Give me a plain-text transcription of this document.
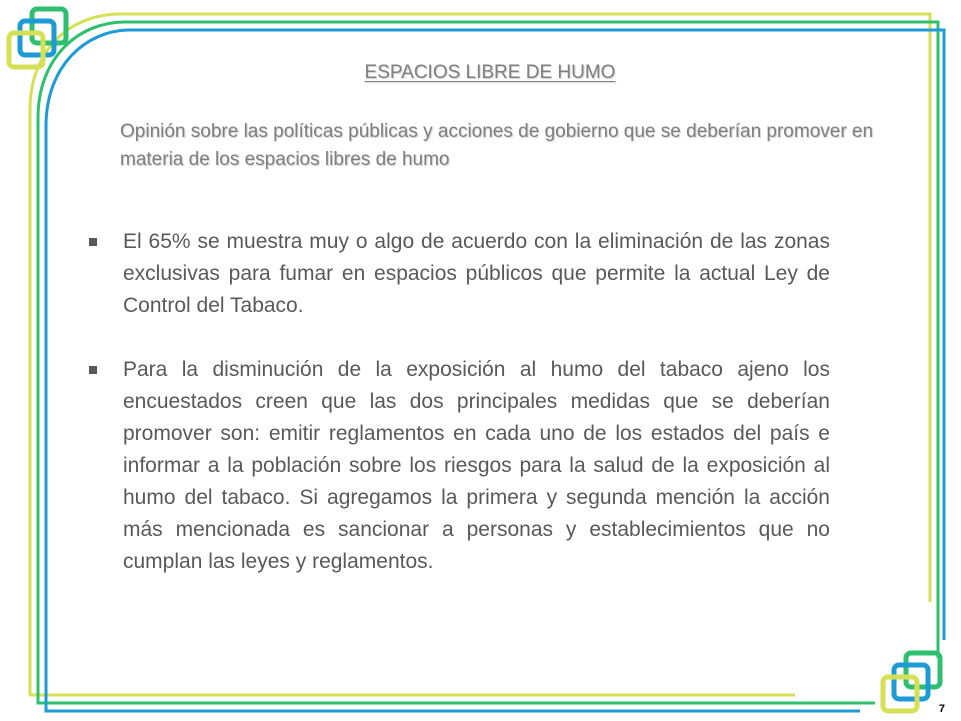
ESPACIOS LIBRE DE HUMO
Opinión sobre las políticas públicas y acciones de gobierno que se deberían promover en materia de los espacios libres de humo
El 65% se muestra muy o algo de acuerdo con la eliminación de las zonas exclusivas para fumar en espacios públicos que permite la actual Ley de Control del Tabaco.
Para la disminución de la exposición al humo del tabaco ajeno los encuestados creen que las dos principales medidas que se deberían promover son: emitir reglamentos en cada uno de los estados del país e informar a la población sobre los riesgos para la salud de la exposición al humo del tabaco. Si agregamos la primera y segunda mención la acción más mencionada es sancionar a personas y establecimientos que no cumplan las leyes y reglamentos.
7
